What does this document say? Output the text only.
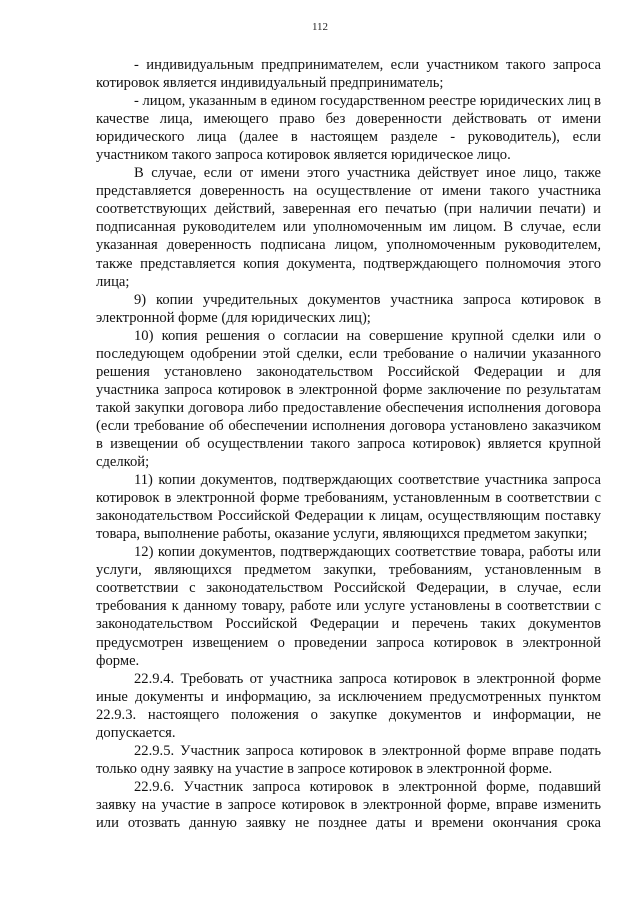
112

- индивидуальным предпринимателем, если участником такого запроса котировок является индивидуальный предприниматель;

- лицом, указанным в едином государственном реестре юридических лиц в качестве лица, имеющего право без доверенности действовать от имени юридического лица (далее в настоящем разделе - руководитель), если участником такого запроса котировок является юридическое лицо.

В случае, если от имени этого участника действует иное лицо, также представляется доверенность на осуществление от имени такого участника соответствующих действий, заверенная его печатью (при наличии печати) и подписанная руководителем или уполномоченным им лицом. В случае, если указанная доверенность подписана лицом, уполномоченным руководителем, также представляется копия документа, подтверждающего полномочия этого лица;

9) копии учредительных документов участника запроса котировок в электронной форме (для юридических лиц);

10) копия решения о согласии на совершение крупной сделки или о последующем одобрении этой сделки, если требование о наличии указанного решения установлено законодательством Российской Федерации и для участника запроса котировок в электронной форме заключение по результатам такой закупки договора либо предоставление обеспечения исполнения договора (если требование об обеспечении исполнения договора установлено заказчиком в извещении об осуществлении такого запроса котировок) является крупной сделкой;

11) копии документов, подтверждающих соответствие участника запроса котировок в электронной форме требованиям, установленным в соответствии с законодательством Российской Федерации к лицам, осуществляющим поставку товара, выполнение работы, оказание услуги, являющихся предметом закупки;

12) копии документов, подтверждающих соответствие товара, работы или услуги, являющихся предметом закупки, требованиям, установленным в соответствии с законодательством Российской Федерации, в случае, если требования к данному товару, работе или услуге установлены в соответствии с законодательством Российской Федерации и перечень таких документов предусмотрен извещением о проведении запроса котировок в электронной форме.

22.9.4. Требовать от участника запроса котировок в электронной форме иные документы и информацию, за исключением предусмотренных пунктом 22.9.3. настоящего положения о закупке документов и информации, не допускается.

22.9.5. Участник запроса котировок в электронной форме вправе подать только одну заявку на участие в запросе котировок в электронной форме.

22.9.6. Участник запроса котировок в электронной форме, подавший заявку на участие в запросе котировок в электронной форме, вправе изменить или отозвать данную заявку не позднее даты и времени окончания срока
